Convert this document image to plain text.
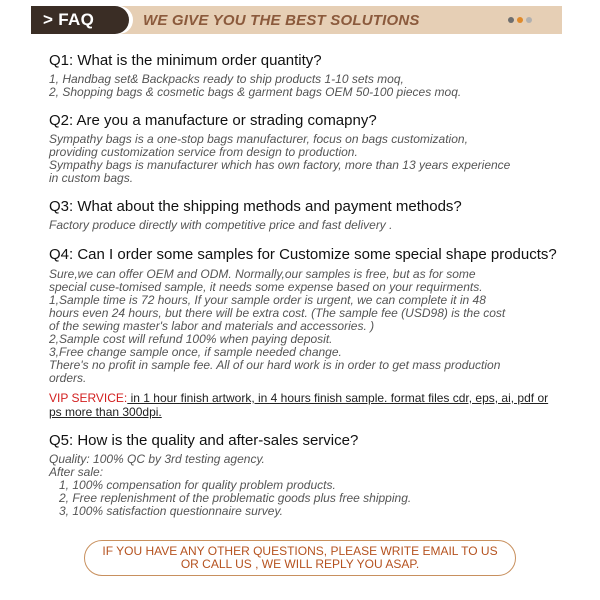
> FAQ	WE GIVE YOU THE BEST SOLUTIONS

Q1: What is the minimum order quantity?

1, Handbag set& Backpacks ready to ship products 1-10 sets moq,
2, Shopping bags & cosmetic bags & garment bags OEM 50-100 pieces moq.

Q2: Are you a manufacture or strading comapny?

Sympathy bags is a one-stop bags manufacturer, focus on bags customization,
providing customization service from design to production.
Sympathy bags is manufacturer which has own factory, more than 13 years experience
in custom bags.

Q3: What about the shipping methods and payment methods?

Factory produce directly with competitive price and fast delivery .

Q4: Can I order some samples for Customize some special shape products?

Sure,we can offer OEM and ODM. Normally,our samples is free, but as for some
special cuse-tomised sample, it needs some expense based on your requirments.
1,Sample time is 72 hours, If your sample order is urgent, we can complete it in 48
hours even 24 hours, but there will be extra cost. (The sample fee (USD98) is the cost
of the sewing master's labor and materials and accessories. )
2,Sample cost will refund 100% when paying deposit.
3,Free change sample once, if sample needed change.
There's no profit in sample fee. All of our hard work is in order to get mass production
orders.

VIP SERVICE: in 1 hour finish artwork, in 4 hours finish sample. format files cdr, eps, ai, pdf or ps more than 300dpi.

Q5: How is the quality and after-sales service?

Quality: 100% QC by 3rd testing agency.
After sale:
1, 100% compensation for quality problem products.
2, Free replenishment of the problematic goods plus free shipping.
3, 100% satisfaction questionnaire survey.
IF YOU HAVE ANY OTHER QUESTIONS, PLEASE WRITE EMAIL TO US
OR CALL US , WE WILL REPLY YOU ASAP.
